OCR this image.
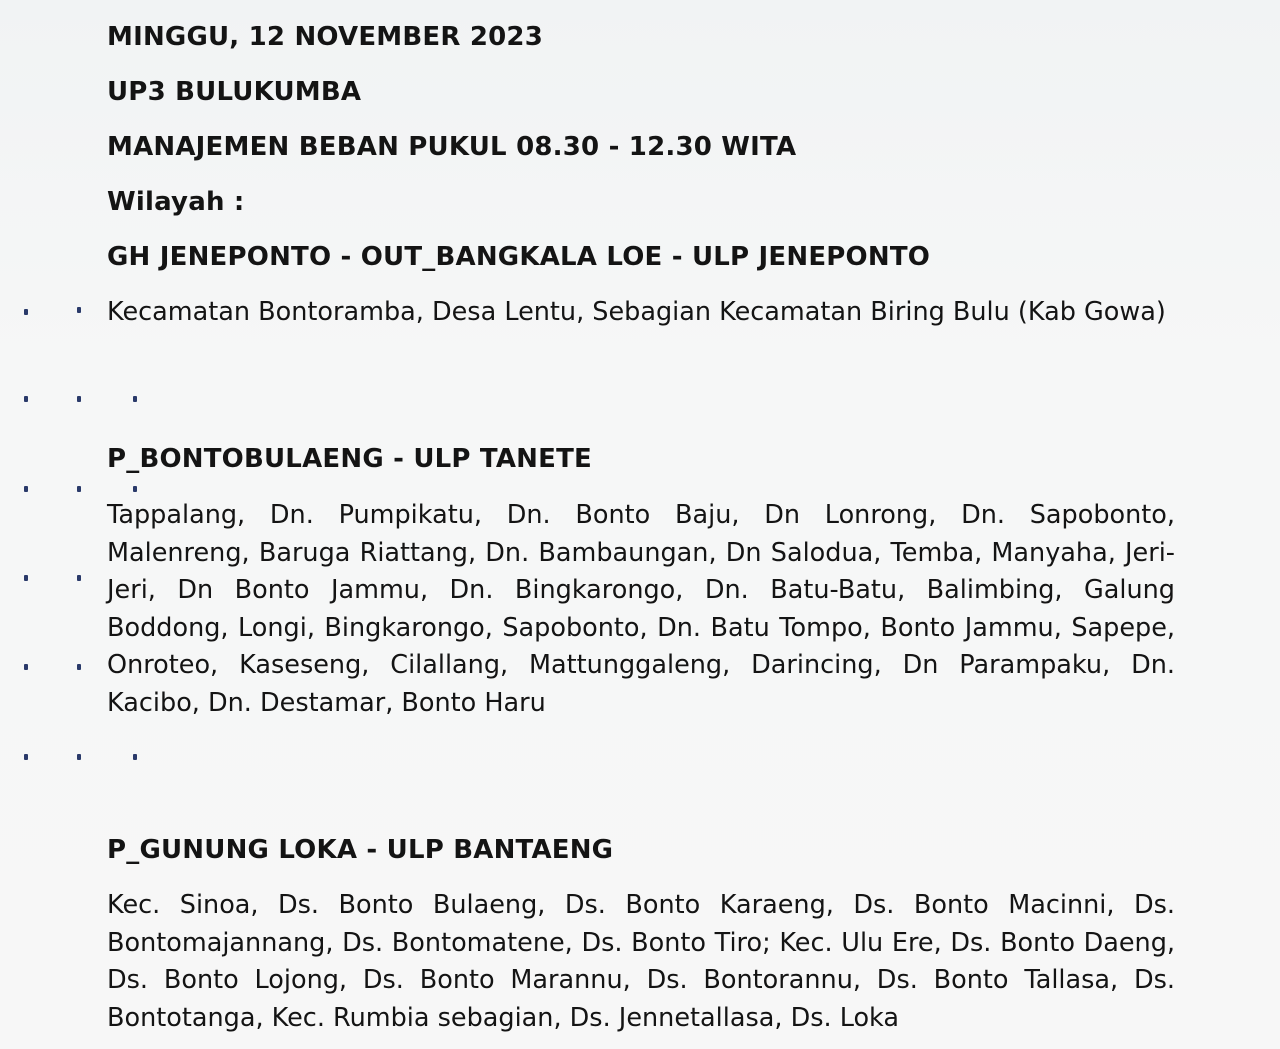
MINGGU, 12 NOVEMBER 2023

UP3 BULUKUMBA

MANAJEMEN BEBAN PUKUL 08.30 - 12.30 WITA

Wilayah :

GH JENEPONTO - OUT_BANGKALA LOE - ULP JENEPONTO

Kecamatan Bontoramba, Desa Lentu, Sebagian Kecamatan Biring Bulu (Kab Gowa)

P_BONTOBULAENG - ULP TANETE

Tappalang, Dn. Pumpikatu, Dn. Bonto Baju, Dn Lonrong, Dn. Sapobonto, Malenreng, Baruga Riattang, Dn. Bambaungan, Dn Salodua, Temba, Manyaha, Jeri-Jeri, Dn Bonto Jammu, Dn. Bingkarongo, Dn. Batu-Batu, Balimbing, Galung Boddong, Longi, Bingkarongo, Sapobonto, Dn. Batu Tompo, Bonto Jammu, Sapepe, Onroteo, Kaseseng, Cilallang, Mattunggaleng, Darincing, Dn Parampaku, Dn. Kacibo, Dn. Destamar, Bonto Haru

P_GUNUNG LOKA - ULP BANTAENG

Kec. Sinoa, Ds. Bonto Bulaeng, Ds. Bonto Karaeng, Ds. Bonto Macinni, Ds. Bontomajannang, Ds. Bontomatene, Ds. Bonto Tiro; Kec. Ulu Ere, Ds. Bonto Daeng, Ds. Bonto Lojong, Ds. Bonto Marannu, Ds. Bontorannu, Ds. Bonto Tallasa, Ds. Bontotanga, Kec. Rumbia sebagian, Ds. Jennetallasa, Ds. Loka
